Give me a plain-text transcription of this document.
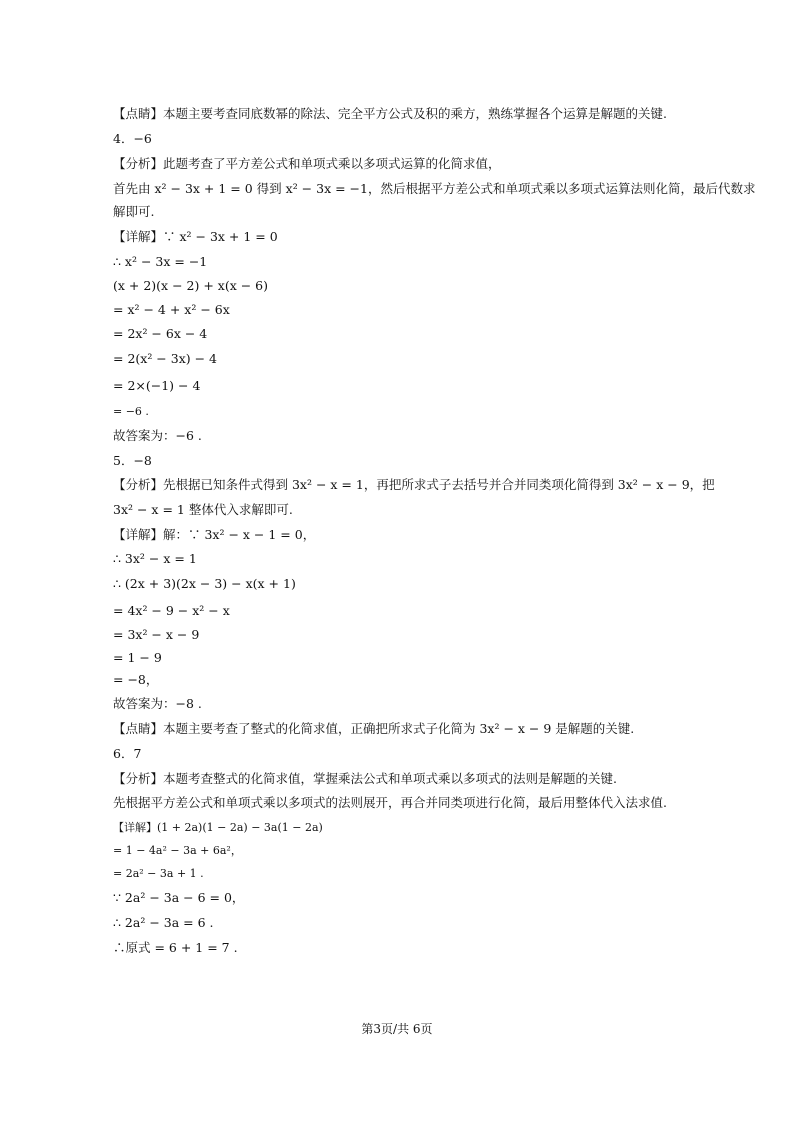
【点睛】本题主要考查同底数幂的除法、完全平方公式及积的乘方，熟练掌握各个运算是解题的关键.
4．−6
【分析】此题考查了平方差公式和单项式乘以多项式运算的化简求值，
首先由 x² − 3x + 1 = 0 得到 x² − 3x = −1，然后根据平方差公式和单项式乘以多项式运算法则化简，最后代数求
解即可.
【详解】∵ x² − 3x + 1 = 0
∴ x² − 3x = −1
(x + 2)(x − 2) + x(x − 6)
= x² − 4 + x² − 6x
= 2x² − 6x − 4
= 2(x² − 3x) − 4
= 2×(−1) − 4
= −6 .
故答案为：−6 .
5．−8
【分析】先根据已知条件式得到 3x² − x = 1，再把所求式子去括号并合并同类项化简得到 3x² − x − 9，把
3x² − x = 1 整体代入求解即可.
【详解】解：∵ 3x² − x − 1 = 0，
∴ 3x² − x = 1
∴ (2x + 3)(2x − 3) − x(x + 1)
= 4x² − 9 − x² − x
= 3x² − x − 9
= 1 − 9
= −8，
故答案为：−8 .
【点睛】本题主要考查了整式的化简求值，正确把所求式子化简为 3x² − x − 9 是解题的关键.
6．7
【分析】本题考查整式的化简求值，掌握乘法公式和单项式乘以多项式的法则是解题的关键.
先根据平方差公式和单项式乘以多项式的法则展开，再合并同类项进行化简，最后用整体代入法求值.
【详解】(1 + 2a)(1 − 2a) − 3a(1 − 2a)
= 1 − 4a² − 3a + 6a²，
= 2a² − 3a + 1 .
∵ 2a² − 3a − 6 = 0，
∴ 2a² − 3a = 6 .
∴原式 = 6 + 1 = 7 .
第3页/共 6页
